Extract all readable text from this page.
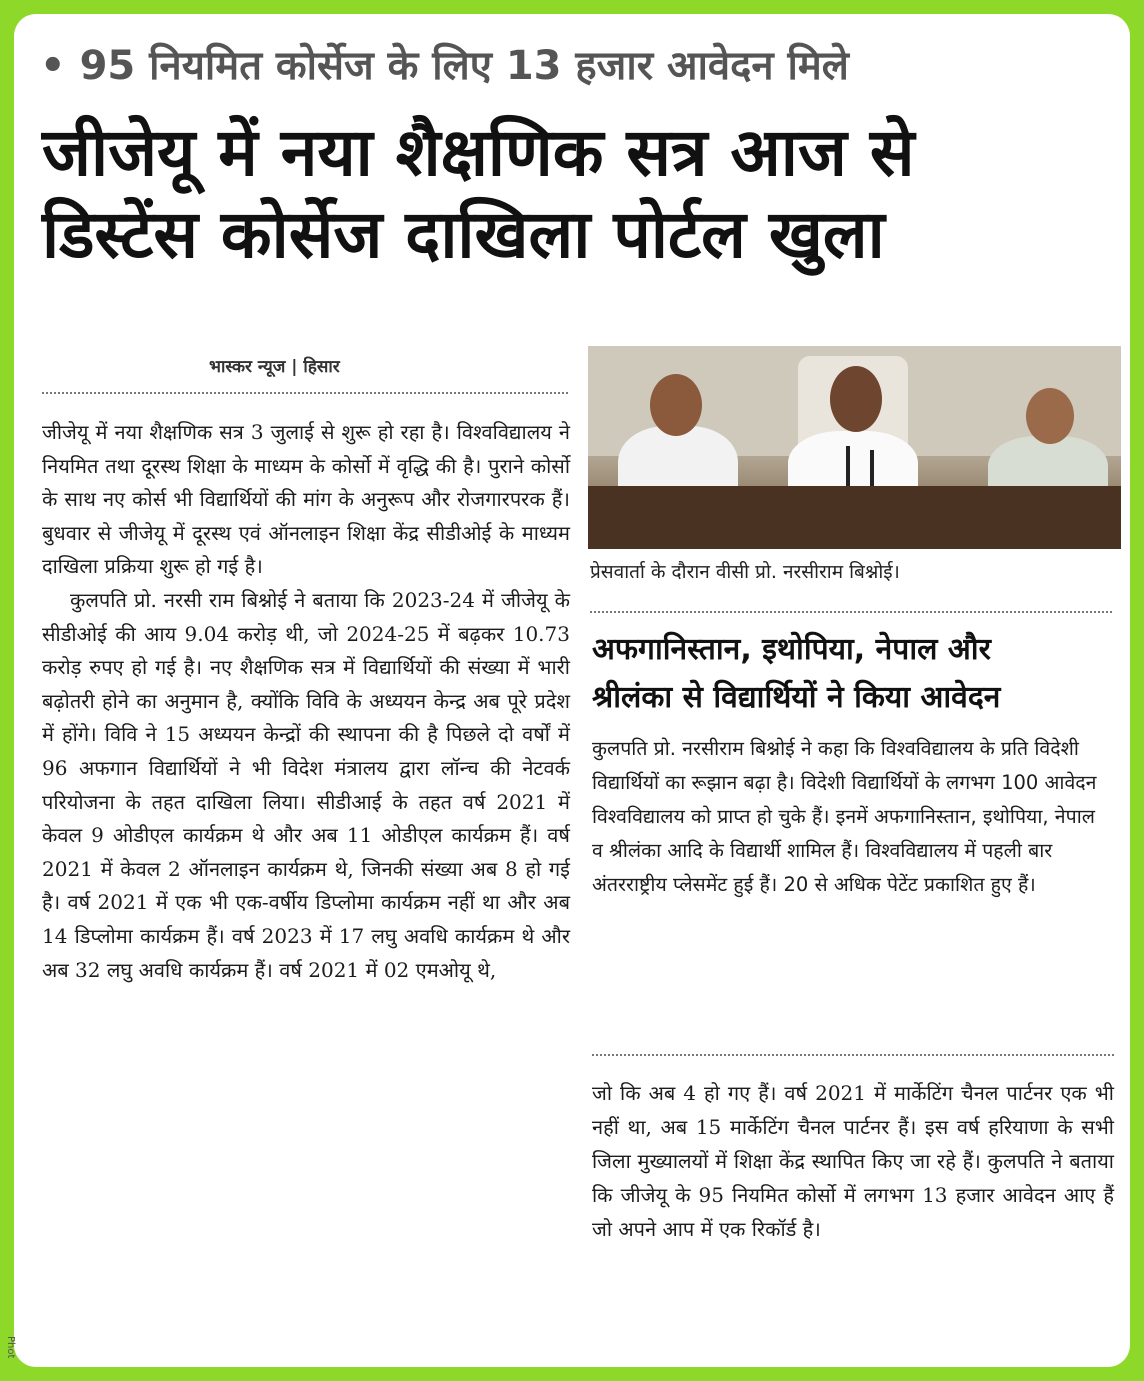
• 95 नियमित कोर्सेज के लिए 13 हजार आवेदन मिले
जीजेयू में नया शैक्षणिक सत्र आज से
डिस्टेंस कोर्सेज दाखिला पोर्टल खुला
भास्कर न्यूज | हिसार

जीजेयू में नया शैक्षणिक सत्र 3 जुलाई से शुरू हो रहा है। विश्वविद्यालय ने नियमित तथा दूरस्थ शिक्षा के माध्यम के कोर्सो में वृद्धि की है। पुराने कोर्सो के साथ नए कोर्स भी विद्यार्थियों की मांग के अनुरूप और रोजगारपरक हैं। बुधवार से जीजेयू में दूरस्थ एवं ऑनलाइन शिक्षा केंद्र सीडीओई के माध्यम दाखिला प्रक्रिया शुरू हो गई है।

कुलपति प्रो. नरसी राम बिश्नोई ने बताया कि 2023-24 में जीजेयू के सीडीओई की आय 9.04 करोड़ थी, जो 2024-25 में बढ़कर 10.73 करोड़ रुपए हो गई है। नए शैक्षणिक सत्र में विद्यार्थियों की संख्या में भारी बढ़ोतरी होने का अनुमान है, क्योंकि विवि के अध्ययन केन्द्र अब पूरे प्रदेश में होंगे। विवि ने 15 अध्ययन केन्द्रों की स्थापना की है पिछले दो वर्षों में 96 अफगान विद्यार्थियों ने भी विदेश मंत्रालय द्वारा लॉन्च की नेटवर्क परियोजना के तहत दाखिला लिया। सीडीआई के तहत वर्ष 2021 में केवल 9 ओडीएल कार्यक्रम थे और अब 11 ओडीएल कार्यक्रम हैं। वर्ष 2021 में केवल 2 ऑनलाइन कार्यक्रम थे, जिनकी संख्या अब 8 हो गई है। वर्ष 2021 में एक भी एक-वर्षीय डिप्लोमा कार्यक्रम नहीं था और अब 14 डिप्लोमा कार्यक्रम हैं। वर्ष 2023 में 17 लघु अवधि कार्यक्रम थे और अब 32 लघु अवधि कार्यक्रम हैं। वर्ष 2021 में 02 एमओयू थे,

प्रेसवार्ता के दौरान वीसी प्रो. नरसीराम बिश्नोई।
अफगानिस्तान, इथोपिया, नेपाल और
श्रीलंका से विद्यार्थियों ने किया आवेदन
कुलपति प्रो. नरसीराम बिश्नोई ने कहा कि विश्वविद्यालय के प्रति विदेशी विद्यार्थियों का रूझान बढ़ा है। विदेशी विद्यार्थियों के लगभग 100 आवेदन विश्वविद्यालय को प्राप्त हो चुके हैं। इनमें अफगानिस्तान, इथोपिया, नेपाल व श्रीलंका आदि के विद्यार्थी शामिल हैं। विश्वविद्यालय में पहली बार अंतरराष्ट्रीय प्लेसमेंट हुई हैं। 20 से अधिक पेटेंट प्रकाशित हुए हैं।
जो कि अब 4 हो गए हैं। वर्ष 2021 में मार्केटिंग चैनल पार्टनर एक भी नहीं था, अब 15 मार्केटिंग चैनल पार्टनर हैं। इस वर्ष हरियाणा के सभी जिला मुख्यालयों में शिक्षा केंद्र स्थापित किए जा रहे हैं। कुलपति ने बताया कि जीजेयू के 95 नियमित कोर्सो में लगभग 13 हजार आवेदन आए हैं जो अपने आप में एक रिकॉर्ड है।
Phot
